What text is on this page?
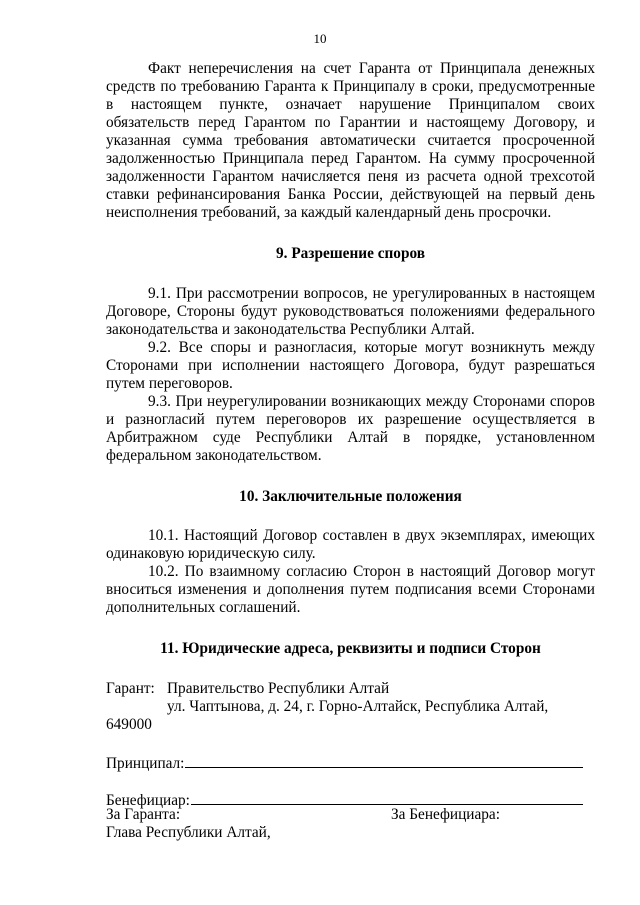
10

Факт неперечисления на счет Гаранта от Принципала денежных средств по требованию Гаранта к Принципалу в сроки, предусмотренные в настоящем пункте, означает нарушение Принципалом своих обязательств перед Гарантом по Гарантии и настоящему Договору, и указанная сумма требования автоматически считается просроченной задолженностью Принципала перед Гарантом. На сумму просроченной задолженности Гарантом начисляется пеня из расчета одной трехсотой ставки рефинансирования Банка России, действующей на первый день неисполнения требований, за каждый календарный день просрочки.

9. Разрешение споров

9.1. При рассмотрении вопросов, не урегулированных в настоящем Договоре, Стороны будут руководствоваться положениями федерального законодательства и законодательства Республики Алтай.

9.2. Все споры и разногласия, которые могут возникнуть между Сторонами при исполнении настоящего Договора, будут разрешаться путем переговоров.

9.3. При неурегулировании возникающих между Сторонами споров и разногласий путем переговоров их разрешение осуществляется в Арбитражном суде Республики Алтай в порядке, установленном федеральном законодательством.

10. Заключительные положения

10.1. Настоящий Договор составлен в двух экземплярах, имеющих одинаковую юридическую силу.

10.2. По взаимному согласию Сторон в настоящий Договор могут вноситься изменения и дополнения путем подписания всеми Сторонами дополнительных соглашений.

11. Юридические адреса, реквизиты и подписи Сторон
Гарант: Правительство Республики Алтай
ул. Чаптынова, д. 24, г. Горно-Алтайск, Республика Алтай,
649000
Принципал:
Бенефициар:
За Гаранта:
Глава Республики Алтай,
За Бенефициара:
